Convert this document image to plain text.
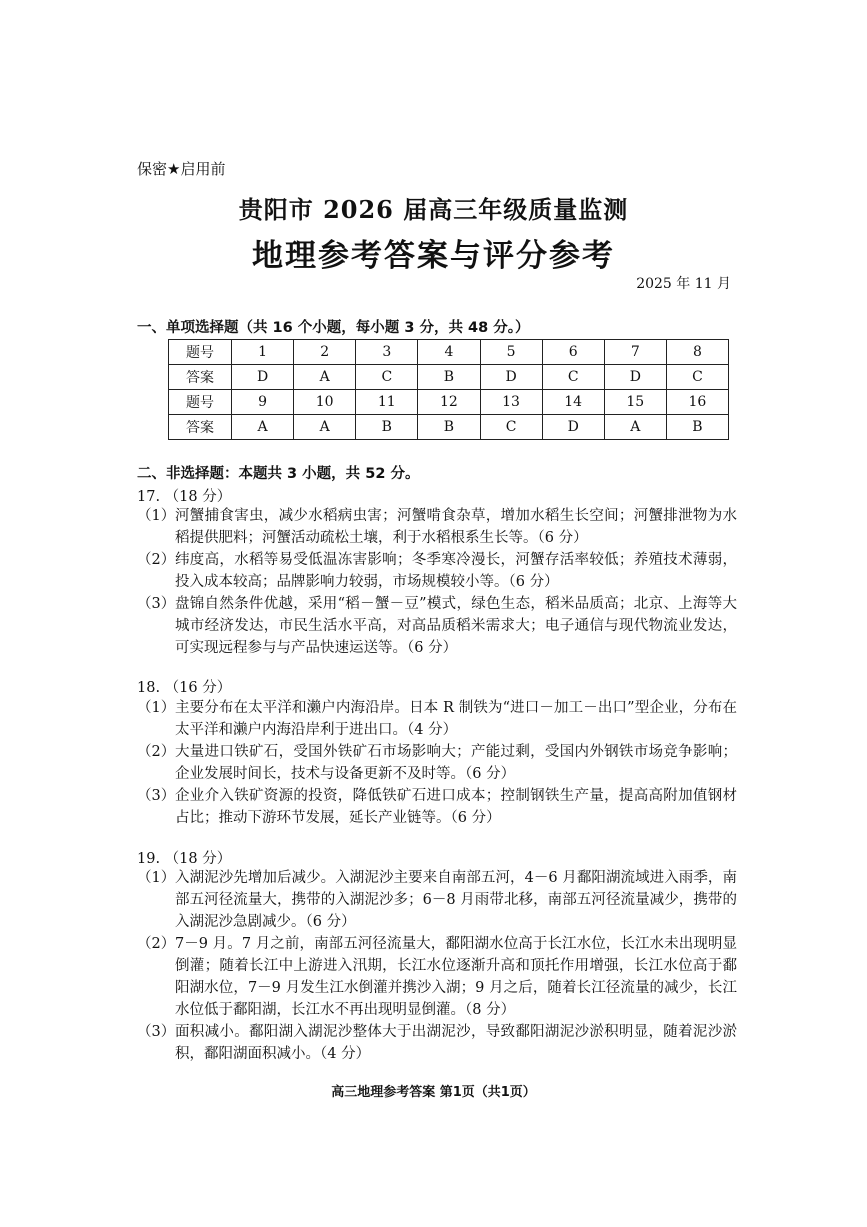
保密★启用前
贵阳市 2026 届高三年级质量监测
地理参考答案与评分参考
2025 年 11 月
一、单项选择题（共 16 个小题，每小题 3 分，共 48 分。）
题号	1	2	3	4	5	6	7	8
答案	D	A	C	B	D	C	D	C
题号	9	10	11	12	13	14	15	16
答案	A	A	B	B	C	D	A	B
二、非选择题：本题共 3 小题，共 52 分。
17. （18 分）
（1） 河蟹捕食害虫，减少水稻病虫害；河蟹啃食杂草，增加水稻生长空间；河蟹排泄物为水稻提供肥料；河蟹活动疏松土壤，利于水稻根系生长等。（6 分）
（2） 纬度高，水稻等易受低温冻害影响；冬季寒冷漫长，河蟹存活率较低；养殖技术薄弱，投入成本较高；品牌影响力较弱，市场规模较小等。（6 分）
（3） 盘锦自然条件优越，采用“稻－蟹－豆”模式，绿色生态，稻米品质高；北京、上海等大城市经济发达，市民生活水平高，对高品质稻米需求大；电子通信与现代物流业发达，可实现远程参与与产品快速运送等。（6 分）
18. （16 分）
（1） 主要分布在太平洋和濑户内海沿岸。日本 R 制铁为“进口－加工－出口”型企业，分布在太平洋和濑户内海沿岸利于进出口。（4 分）
（2） 大量进口铁矿石，受国外铁矿石市场影响大；产能过剩，受国内外钢铁市场竞争影响；企业发展时间长，技术与设备更新不及时等。（6 分）
（3） 企业介入铁矿资源的投资，降低铁矿石进口成本；控制钢铁生产量，提高高附加值钢材占比；推动下游环节发展，延长产业链等。（6 分）
19. （18 分）
（1） 入湖泥沙先增加后减少。入湖泥沙主要来自南部五河，4－6 月鄱阳湖流域进入雨季，南部五河径流量大，携带的入湖泥沙多；6－8 月雨带北移，南部五河径流量减少，携带的入湖泥沙急剧减少。（6 分）
（2） 7－9 月。7 月之前，南部五河径流量大，鄱阳湖水位高于长江水位，长江水未出现明显倒灌；随着长江中上游进入汛期，长江水位逐渐升高和顶托作用增强，长江水位高于鄱阳湖水位，7－9 月发生江水倒灌并携沙入湖；9 月之后，随着长江径流量的减少，长江水位低于鄱阳湖，长江水不再出现明显倒灌。（8 分）
（3） 面积减小。鄱阳湖入湖泥沙整体大于出湖泥沙，导致鄱阳湖泥沙淤积明显，随着泥沙淤积，鄱阳湖面积减小。（4 分）
高三地理参考答案 第1页（共1页）
